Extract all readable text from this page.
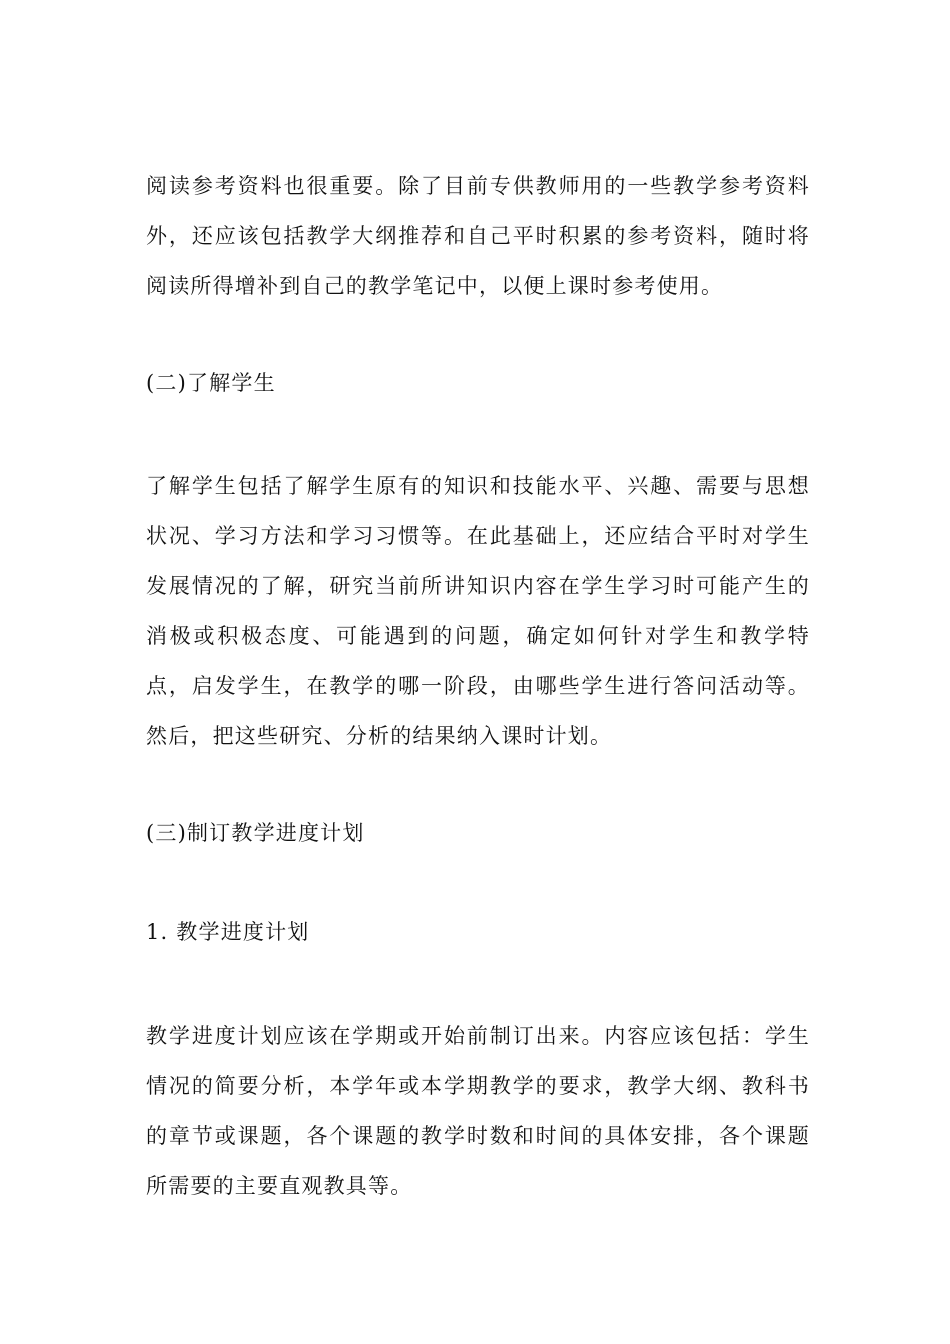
阅读参考资料也很重要。除了目前专供教师用的一些教学参考资料外，还应该包括教学大纲推荐和自己平时积累的参考资料，随时将阅读所得增补到自己的教学笔记中，以便上课时参考使用。

(二)了解学生

了解学生包括了解学生原有的知识和技能水平、兴趣、需要与思想状况、学习方法和学习习惯等。在此基础上，还应结合平时对学生发展情况的了解，研究当前所讲知识内容在学生学习时可能产生的消极或积极态度、可能遇到的问题，确定如何针对学生和教学特点，启发学生，在教学的哪一阶段，由哪些学生进行答问活动等。然后，把这些研究、分析的结果纳入课时计划。

(三)制订教学进度计划

1. 教学进度计划

教学进度计划应该在学期或开始前制订出来。内容应该包括：学生情况的简要分析，本学年或本学期教学的要求，教学大纲、教科书的章节或课题，各个课题的教学时数和时间的具体安排，各个课题所需要的主要直观教具等。
